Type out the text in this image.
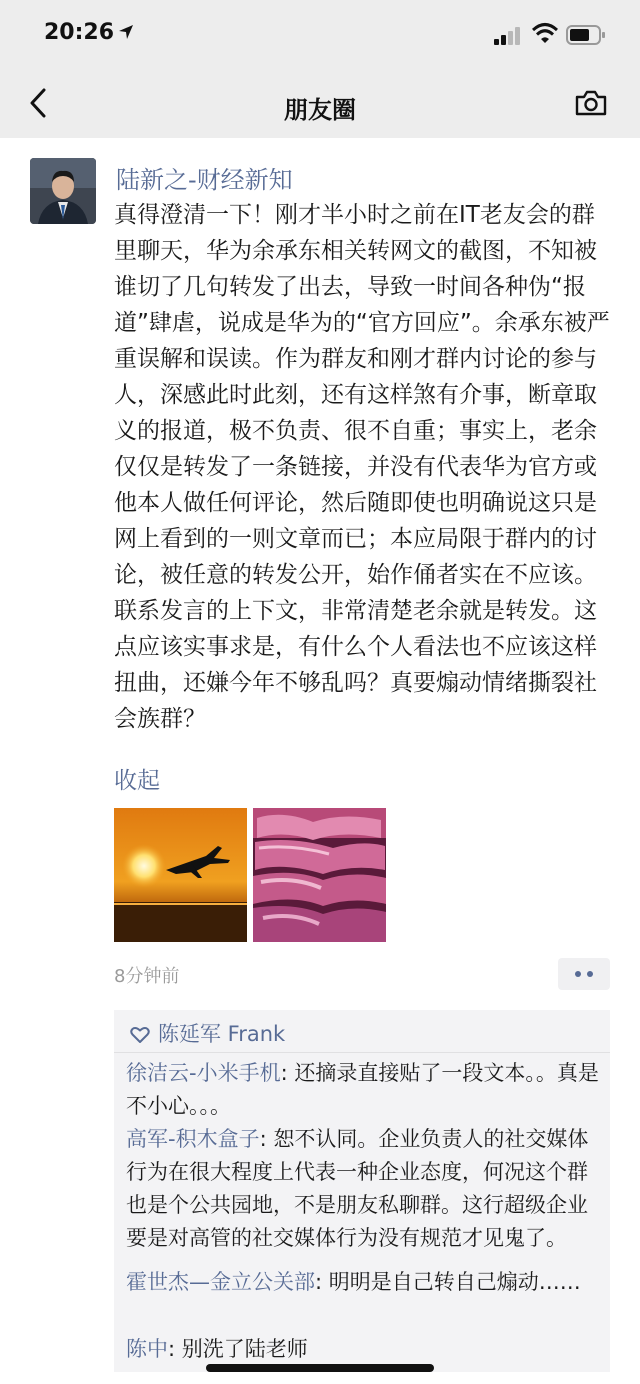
20:26
朋友圈
陆新之-财经新知
真得澄清一下！刚才半小时之前在IT老友会的群里聊天，华为余承东相关转网文的截图，不知被谁切了几句转发了出去，导致一时间各种伪“报道”肆虐，说成是华为的“官方回应”。余承东被严重误解和误读。作为群友和刚才群内讨论的参与人，深感此时此刻，还有这样煞有介事，断章取义的报道，极不负责、很不自重；事实上，老余仅仅是转发了一条链接，并没有代表华为官方或他本人做任何评论，然后随即使也明确说这只是网上看到的一则文章而已；本应局限于群内的讨论，被任意的转发公开，始作俑者实在不应该。联系发言的上下文，非常清楚老余就是转发。这点应该实事求是，有什么个人看法也不应该这样扭曲，还嫌今年不够乱吗？真要煽动情绪撕裂社会族群？
收起
8分钟前
陈延军 Frank
徐洁云-小米手机: 还摘录直接贴了一段文本。。真是不小心。。。
高军-积木盒子: 恕不认同。企业负责人的社交媒体行为在很大程度上代表一种企业态度，何况这个群也是个公共园地，不是朋友私聊群。这行超级企业要是对高管的社交媒体行为没有规范才见鬼了。
霍世杰—金立公关部: 明明是自己转自己煽动……
陈中: 别洗了陆老师
